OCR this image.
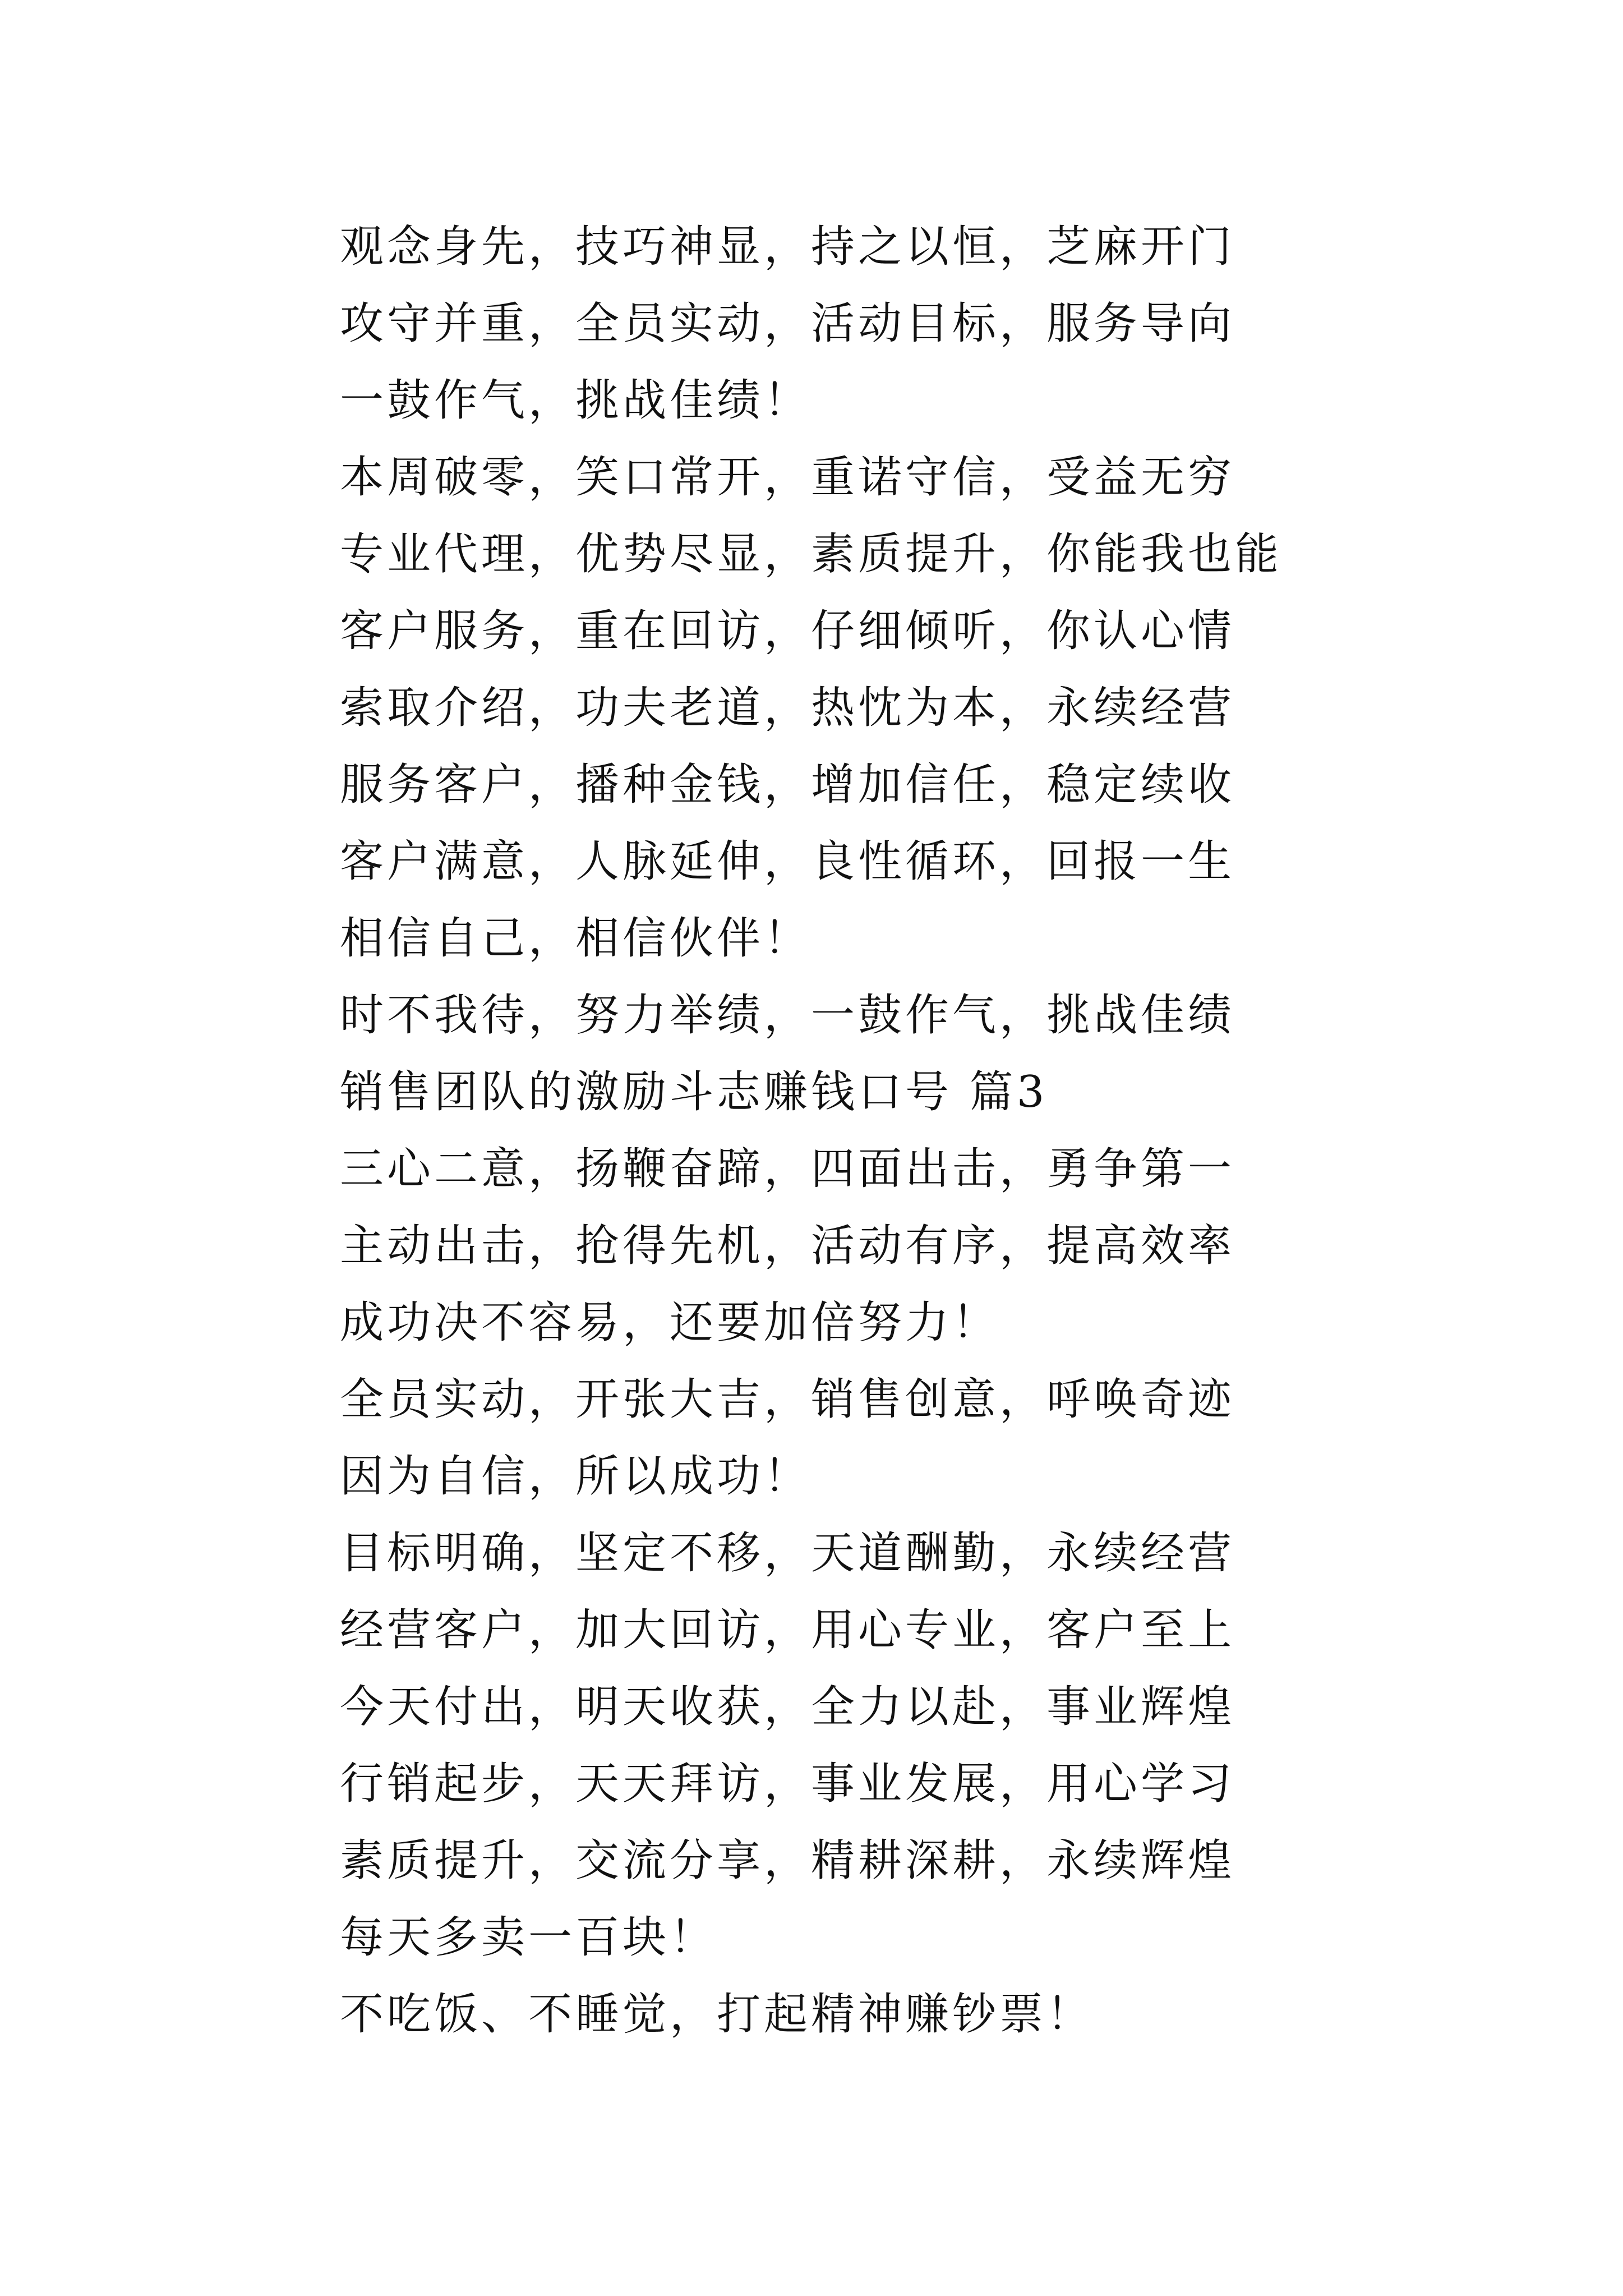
观念身先，技巧神显，持之以恒，芝麻开门
攻守并重，全员实动，活动目标，服务导向
一鼓作气，挑战佳绩！
本周破零，笑口常开，重诺守信，受益无穷
专业代理，优势尽显，素质提升，你能我也能
客户服务，重在回访，仔细倾听，你认心情
索取介绍，功夫老道，热忱为本，永续经营
服务客户，播种金钱，增加信任，稳定续收
客户满意，人脉延伸，良性循环，回报一生
相信自己，相信伙伴！
时不我待，努力举绩，一鼓作气，挑战佳绩
销售团队的激励斗志赚钱口号 篇3
三心二意，扬鞭奋蹄，四面出击，勇争第一
主动出击，抢得先机，活动有序，提高效率
成功决不容易，还要加倍努力！
全员实动，开张大吉，销售创意，呼唤奇迹
因为自信，所以成功！
目标明确，坚定不移，天道酬勤，永续经营
经营客户，加大回访，用心专业，客户至上
今天付出，明天收获，全力以赴，事业辉煌
行销起步，天天拜访，事业发展，用心学习
素质提升，交流分享，精耕深耕，永续辉煌
每天多卖一百块！
不吃饭、不睡觉，打起精神赚钞票！
